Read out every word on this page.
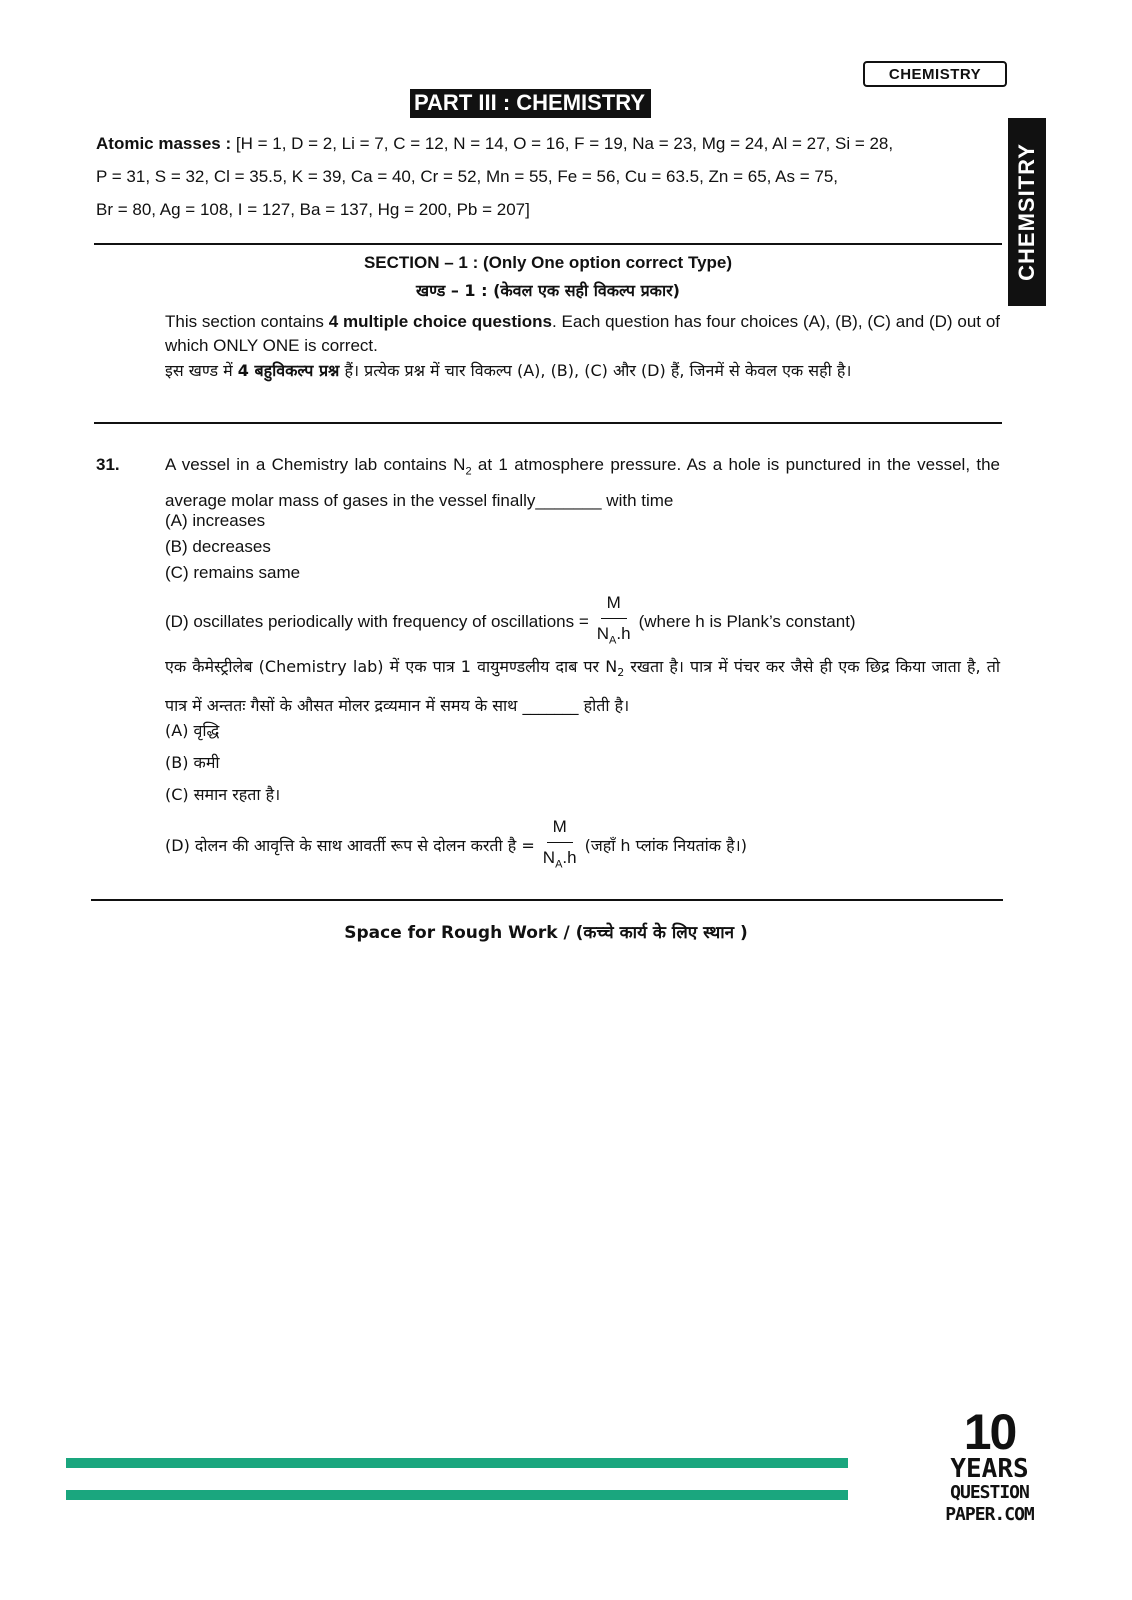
CHEMISTRY
PART III : CHEMISTRY
CHEMSITRY
Atomic masses : [H = 1, D = 2, Li = 7, C = 12, N = 14, O = 16, F = 19, Na = 23, Mg = 24, Al = 27, Si = 28,
P = 31, S = 32, Cl = 35.5, K = 39, Ca = 40, Cr = 52, Mn = 55, Fe = 56, Cu = 63.5, Zn = 65, As = 75,
Br = 80, Ag = 108, I = 127, Ba = 137, Hg = 200, Pb = 207]
SECTION – 1 : (Only One option correct Type)
खण्ड – 1 : (केवल एक सही विकल्प प्रकार)
This section contains 4 multiple choice questions. Each question has four choices (A), (B), (C) and (D) out of which ONLY ONE is correct.
इस खण्ड में 4 बहुविकल्प प्रश्न हैं। प्रत्येक प्रश्न में चार विकल्प (A), (B), (C) और (D) हैं, जिनमें से केवल एक सही है।
31.	A vessel in a Chemistry lab contains $N_2$ at 1 atmosphere pressure. As a hole is punctured in the vessel, the average molar mass of gases in the vessel finally_______ with time
(A) increases
(B) decreases
(C) remains same
(D) oscillates periodically with frequency of oscillations = $\frac{M}{N_A.h}$ (where h is Plank’s constant)
एक कैमेस्ट्रीलेब (Chemistry lab) में एक पात्र 1 वायुमण्डलीय दाब पर $N_2$ रखता है। पात्र में पंचर कर जैसे ही एक छिद्र किया जाता है, तो पात्र में अन्ततः गैसों के औसत मोलर द्रव्यमान में समय के साथ _______ होती है।
(A) वृद्धि
(B) कमी
(C) समान रहता है।
(D) दोलन की आवृत्ति के साथ आवर्ती रूप से दोलन करती है = $\frac{M}{N_A.h}$ (जहाँ h प्लांक नियतांक है।)
Space for Rough Work / (कच्चे कार्य के लिए स्थान )
10
YEARS
QUESTION PAPER.COM
